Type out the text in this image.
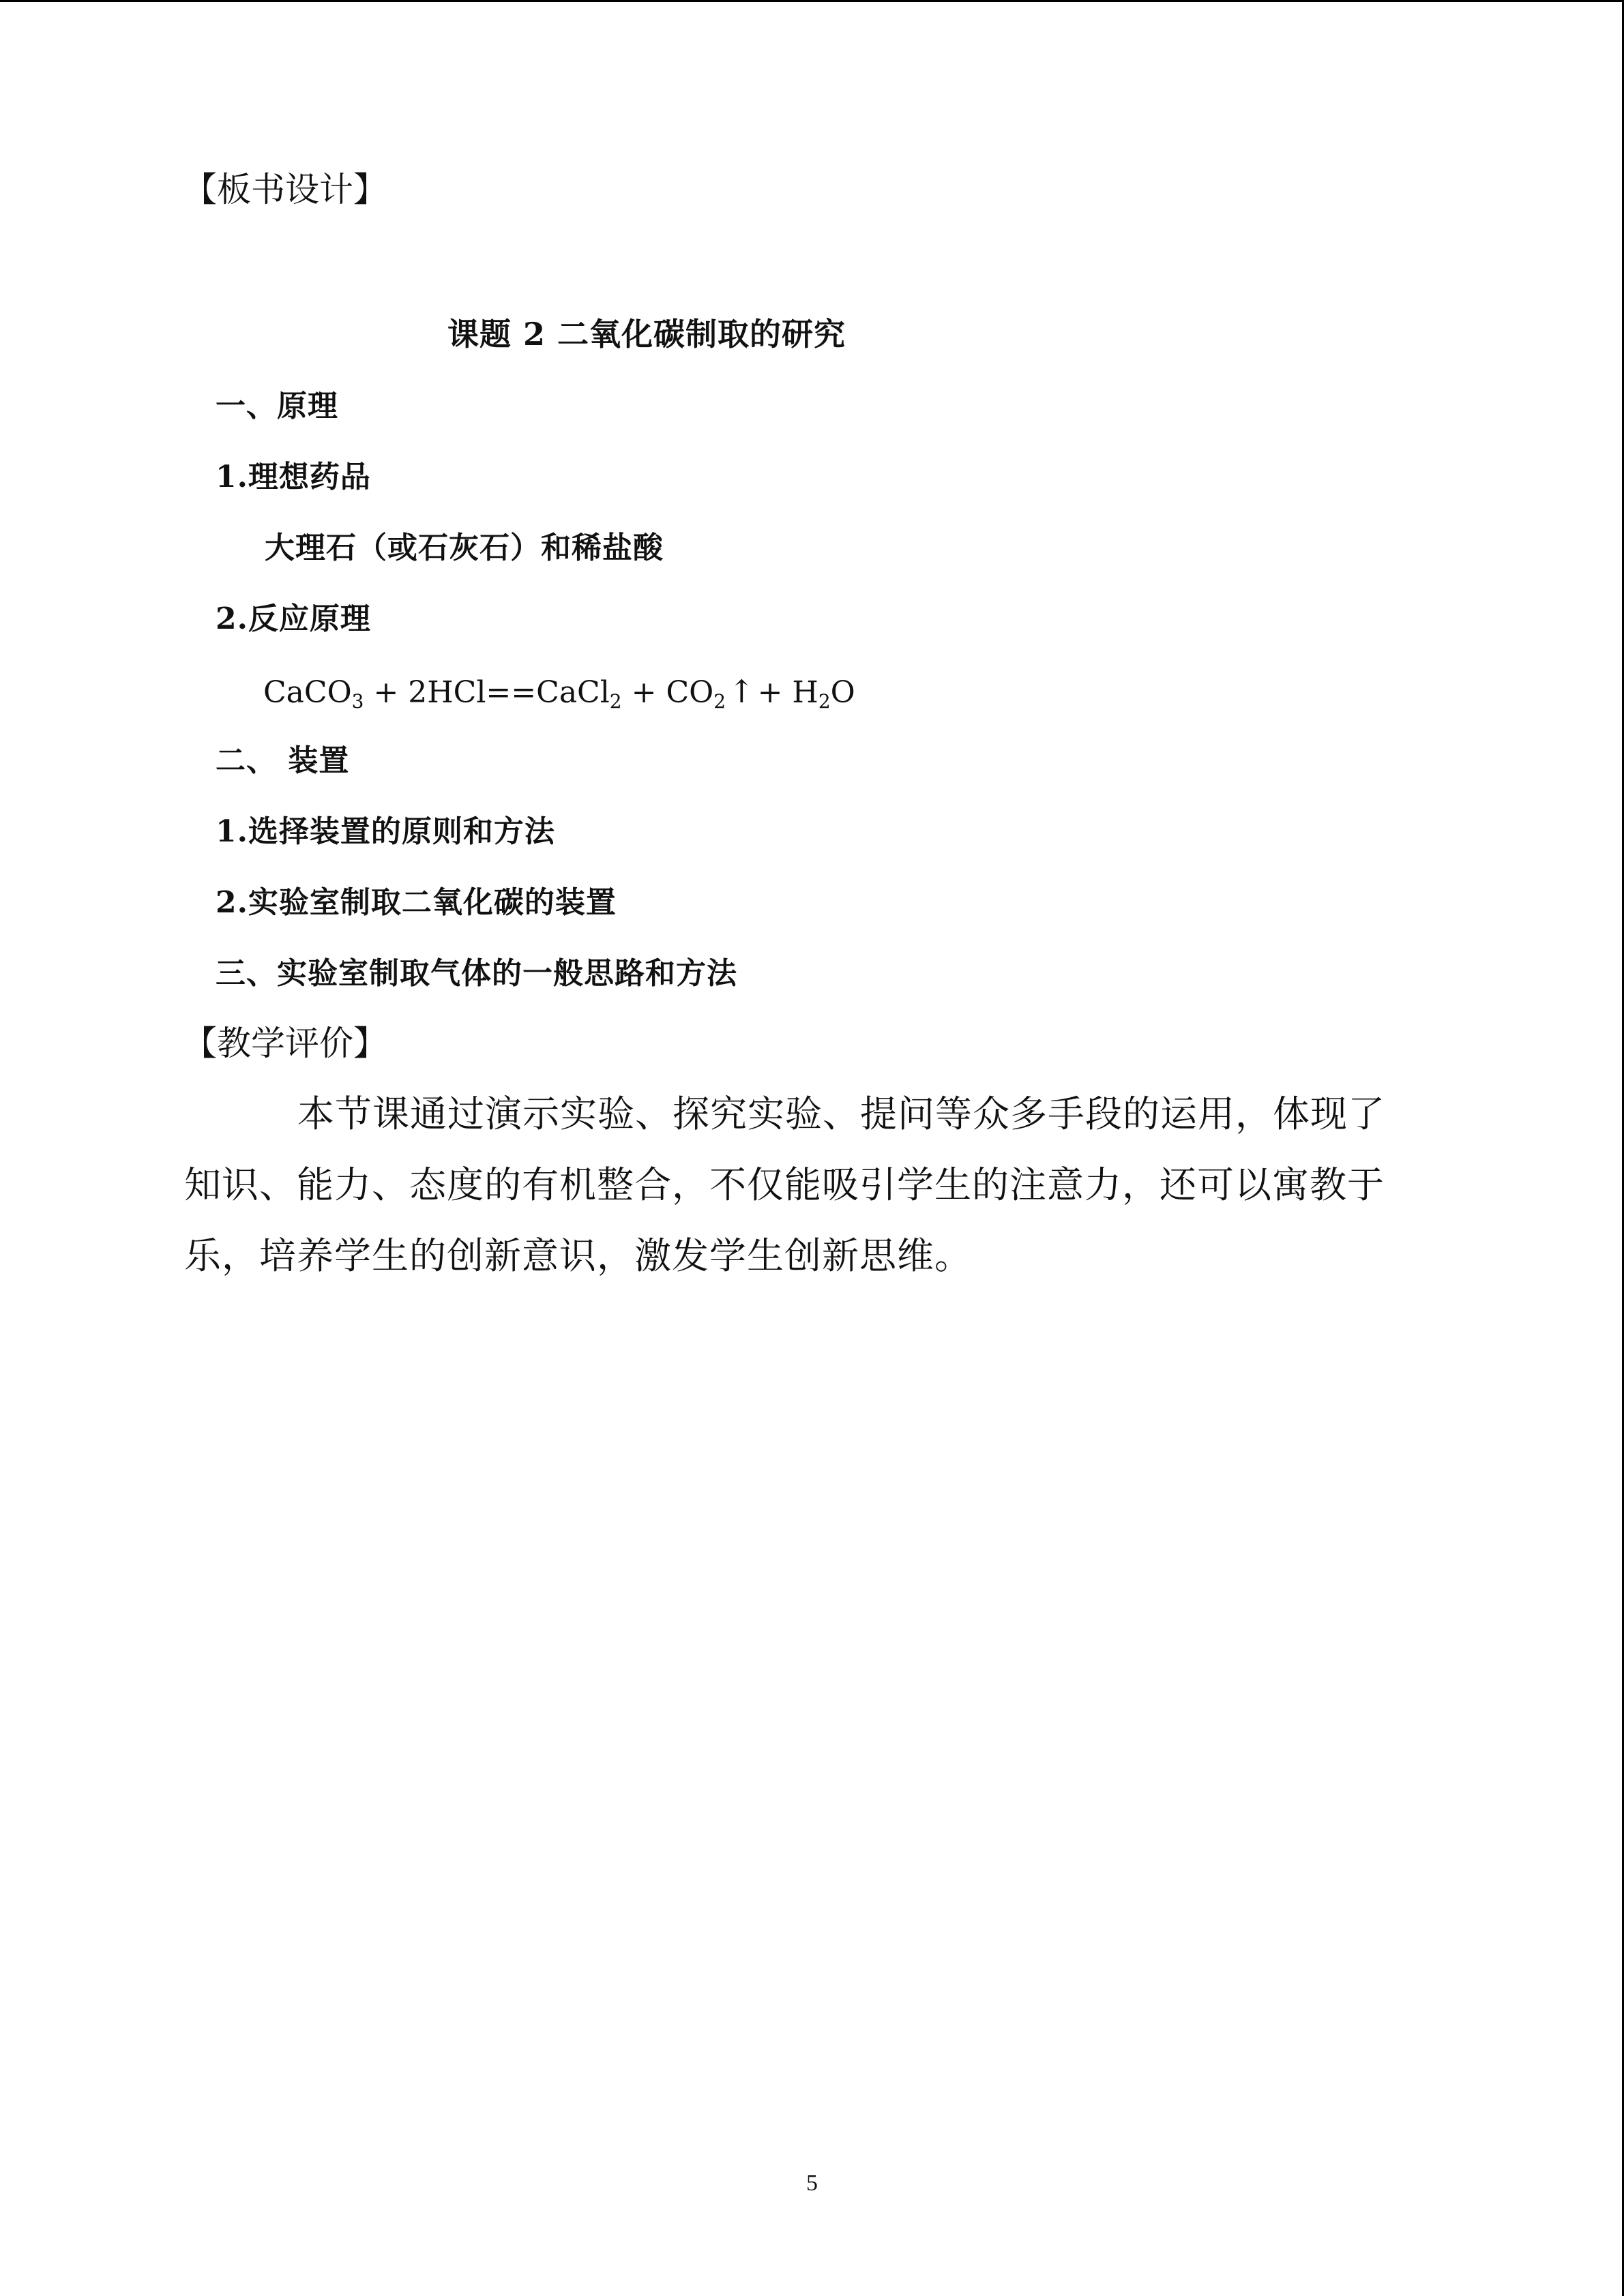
【板书设计】
课题 2 二氧化碳制取的研究
一、原理
1.理想药品
大理石（或石灰石）和稀盐酸
2.反应原理
CaCO$_3$ + 2HCl==CaCl$_2$ + $CO_2↑+ H_2O$
二、 装置
1.选择装置的原则和方法
2.实验室制取二氧化碳的装置
三、实验室制取气体的一般思路和方法
【教学评价】
本节课通过演示实验、探究实验、提问等众多手段的运用，体现了
知识、能力、态度的有机整合，不仅能吸引学生的注意力，还可以寓教于
乐，培养学生的创新意识，激发学生创新思维。
5
